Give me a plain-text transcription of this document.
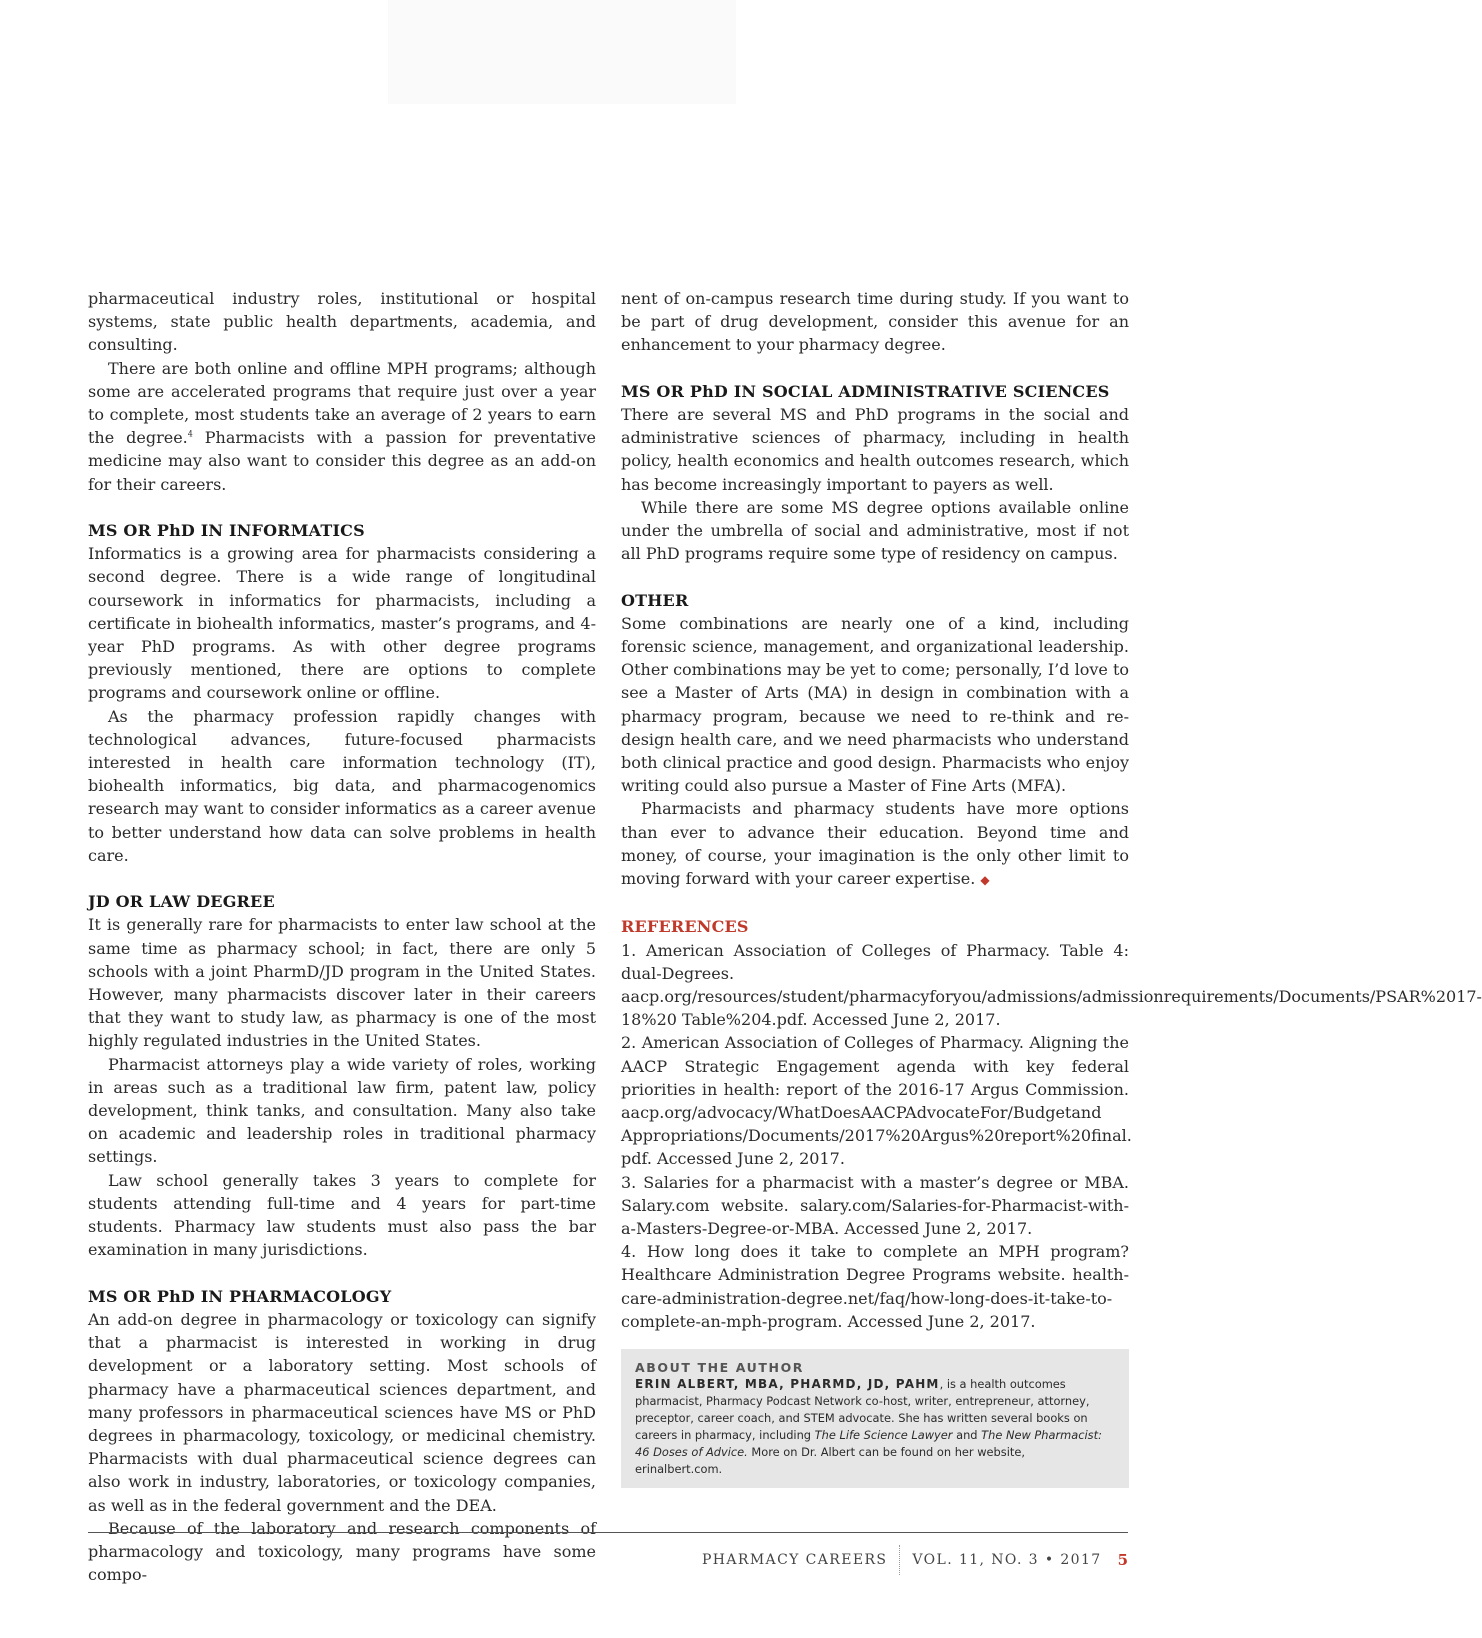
pharmaceutical industry roles, institutional or hospital systems, state public health departments, academia, and consulting.

There are both online and offline MPH programs; although some are accelerated programs that require just over a year to complete, most students take an average of 2 years to earn the degree.$^4$ Pharmacists with a passion for preventative medicine may also want to consider this degree as an add-on for their careers.

MS OR PhD IN INFORMATICS

Informatics is a growing area for pharmacists considering a second degree. There is a wide range of longitudinal coursework in informatics for pharmacists, including a certificate in biohealth informatics, master’s programs, and 4-year PhD programs. As with other degree programs previously mentioned, there are options to complete programs and coursework online or offline.

As the pharmacy profession rapidly changes with technological advances, future-focused pharmacists interested in health care information technology (IT), biohealth informatics, big data, and pharmacogenomics research may want to consider informatics as a career avenue to better understand how data can solve problems in health care.

JD OR LAW DEGREE

It is generally rare for pharmacists to enter law school at the same time as pharmacy school; in fact, there are only 5 schools with a joint PharmD/JD program in the United States. However, many pharmacists discover later in their careers that they want to study law, as pharmacy is one of the most highly regulated industries in the United States.

Pharmacist attorneys play a wide variety of roles, working in areas such as a traditional law firm, patent law, policy development, think tanks, and consultation. Many also take on academic and leadership roles in traditional pharmacy settings.

Law school generally takes 3 years to complete for students attending full-time and 4 years for part-time students. Pharmacy law students must also pass the bar examination in many jurisdictions.

MS OR PhD IN PHARMACOLOGY

An add-on degree in pharmacology or toxicology can signify that a pharmacist is interested in working in drug development or a laboratory setting. Most schools of pharmacy have a pharmaceutical sciences department, and many professors in pharmaceutical sciences have MS or PhD degrees in pharmacology, toxicology, or medicinal chemistry. Pharmacists with dual pharmaceutical science degrees can also work in industry, laboratories, or toxicology companies, as well as in the federal government and the DEA.

Because of the laboratory and research components of pharmacology and toxicology, many programs have some compo-

nent of on-campus research time during study. If you want to be part of drug development, consider this avenue for an enhancement to your pharmacy degree.

MS OR PhD IN SOCIAL ADMINISTRATIVE SCIENCES

There are several MS and PhD programs in the social and administrative sciences of pharmacy, including in health policy, health economics and health outcomes research, which has become increasingly important to payers as well.

While there are some MS degree options available online under the umbrella of social and administrative, most if not all PhD programs require some type of residency on campus.

OTHER

Some combinations are nearly one of a kind, including forensic science, management, and organizational leadership. Other combinations may be yet to come; personally, I’d love to see a Master of Arts (MA) in design in combination with a pharmacy program, because we need to re-think and re-design health care, and we need pharmacists who understand both clinical practice and good design. Pharmacists who enjoy writing could also pursue a Master of Fine Arts (MFA).

Pharmacists and pharmacy students have more options than ever to advance their education. Beyond time and money, of course, your imagination is the only other limit to moving forward with your career expertise. ◆

REFERENCES

1. American Association of Colleges of Pharmacy. Table 4: dual-Degrees. aacp.org/resources/student/pharmacyforyou/admissions/admissionrequirements/Documents/PSAR%2017-18%20 Table%204.pdf. Accessed June 2, 2017.

2. American Association of Colleges of Pharmacy. Aligning the AACP Strategic Engagement agenda with key federal priorities in health: report of the 2016-17 Argus Commission. aacp.org/advocacy/WhatDoesAACPAdvocateFor/Budgetand Appropriations/Documents/2017%20Argus%20report%20final. pdf. Accessed June 2, 2017.

3. Salaries for a pharmacist with a master’s degree or MBA. Salary.com website. salary.com/Salaries-for-Pharmacist-with-a-Masters-Degree-or-MBA. Accessed June 2, 2017.

4. How long does it take to complete an MPH program? Healthcare Administration Degree Programs website. health-care-administration-degree.net/faq/how-long-does-it-take-to-complete-an-mph-program. Accessed June 2, 2017.

ABOUT THE AUTHOR
ERIN ALBERT, MBA, PHARMD, JD, PAHM, is a health outcomes pharmacist, Pharmacy Podcast Network co-host, writer, entrepreneur, attorney, preceptor, career coach, and STEM advocate. She has written several books on careers in pharmacy, including The Life Science Lawyer and The New Pharmacist: 46 Doses of Advice. More on Dr. Albert can be found on her website, erinalbert.com.
PHARMACY CAREERS VOL. 11, NO. 3 • 2017 5
